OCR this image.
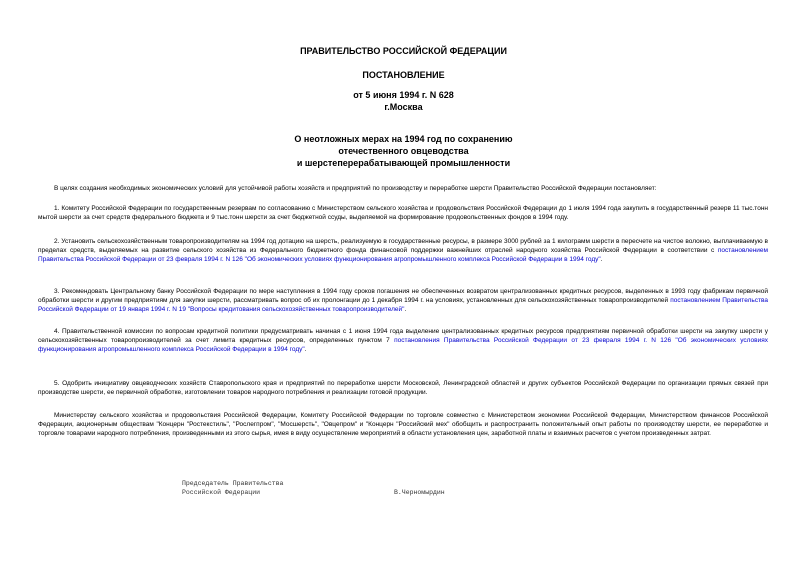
ПРАВИТЕЛЬСТВО РОССИЙСКОЙ ФЕДЕРАЦИИ
ПОСТАНОВЛЕНИЕ
от 5 июня 1994 г. N 628
г.Москва
О неотложных мерах на 1994 год по сохранению
отечественного овцеводства
и шерстеперерабатывающей промышленности
В целях создания необходимых экономических условий для устойчивой работы хозяйств и предприятий по производству и переработке шерсти Правительство Российской Федерации постановляет:
1. Комитету Российской Федерации по государственным резервам по согласованию с Министерством сельского хозяйства и продовольствия Российской Федерации до 1 июля 1994 года закупить в государственный резерв 11 тыс.тонн мытой шерсти за счет средств федерального бюджета и 9 тыс.тонн шерсти за счет бюджетной ссуды, выделяемой на формирование продовольственных фондов в 1994 году.
2. Установить сельскохозяйственным товаропроизводителям на 1994 год дотацию на шерсть, реализуемую в государственные ресурсы, в размере 3000 рублей за 1 килограмм шерсти в пересчете на чистое волокно, выплачиваемую в пределах средств, выделяемых на развитие сельского хозяйства из Федерального бюджетного фонда финансовой поддержки важнейших отраслей народного хозяйства Российской Федерации в соответствии с постановлением Правительства Российской Федерации от 23 февраля 1994 г. N 126 "Об экономических условиях функционирования агропромышленного комплекса Российской Федерации в 1994 году".
3. Рекомендовать Центральному банку Российской Федерации по мере наступления в 1994 году сроков погашения не обеспеченных возвратом централизованных кредитных ресурсов, выделенных в 1993 году фабрикам первичной обработки шерсти и другим предприятиям для закупки шерсти, рассматривать вопрос об их пролонгации до 1 декабря 1994 г. на условиях, установленных для сельскохозяйственных товаропроизводителей постановлением Правительства Российской Федерации от 19 января 1994 г. N 19 "Вопросы кредитования сельскохозяйственных товаропроизводителей".
4. Правительственной комиссии по вопросам кредитной политики предусматривать начиная с 1 июня 1994 года выделение централизованных кредитных ресурсов предприятиям первичной обработки шерсти на закупку шерсти у сельскохозяйственных товаропроизводителей за счет лимита кредитных ресурсов, определенных пунктом 7 постановления Правительства Российской Федерации от 23 февраля 1994 г. N 126 "Об экономических условиях функционирования агропромышленного комплекса Российской Федерации в 1994 году".
5. Одобрить инициативу овцеводческих хозяйств Ставропольского края и предприятий по переработке шерсти Московской, Ленинградской областей и других субъектов Российской Федерации по организации прямых связей при производстве шерсти, ее первичной обработке, изготовлении товаров народного потребления и реализации готовой продукции.
Министерству сельского хозяйства и продовольствия Российской Федерации, Комитету Российской Федерации по торговле совместно с Министерством экономики Российской Федерации, Министерством финансов Российской Федерации, акционерным обществам "Концерн "Ростекстиль", "Рослегпром", "Мосшерсть", "Овцепром" и "Концерн "Российский мех" обобщить и распространить положительный опыт работы по производству шерсти, ее переработке и торговле товарами народного потребления, произведенными из этого сырья, имея в виду осуществление мероприятий в области установления цен, заработной платы и взаимных расчетов с учетом произведенных затрат.
Председатель Правительства
Российской Федерации	В.Черномырдин
